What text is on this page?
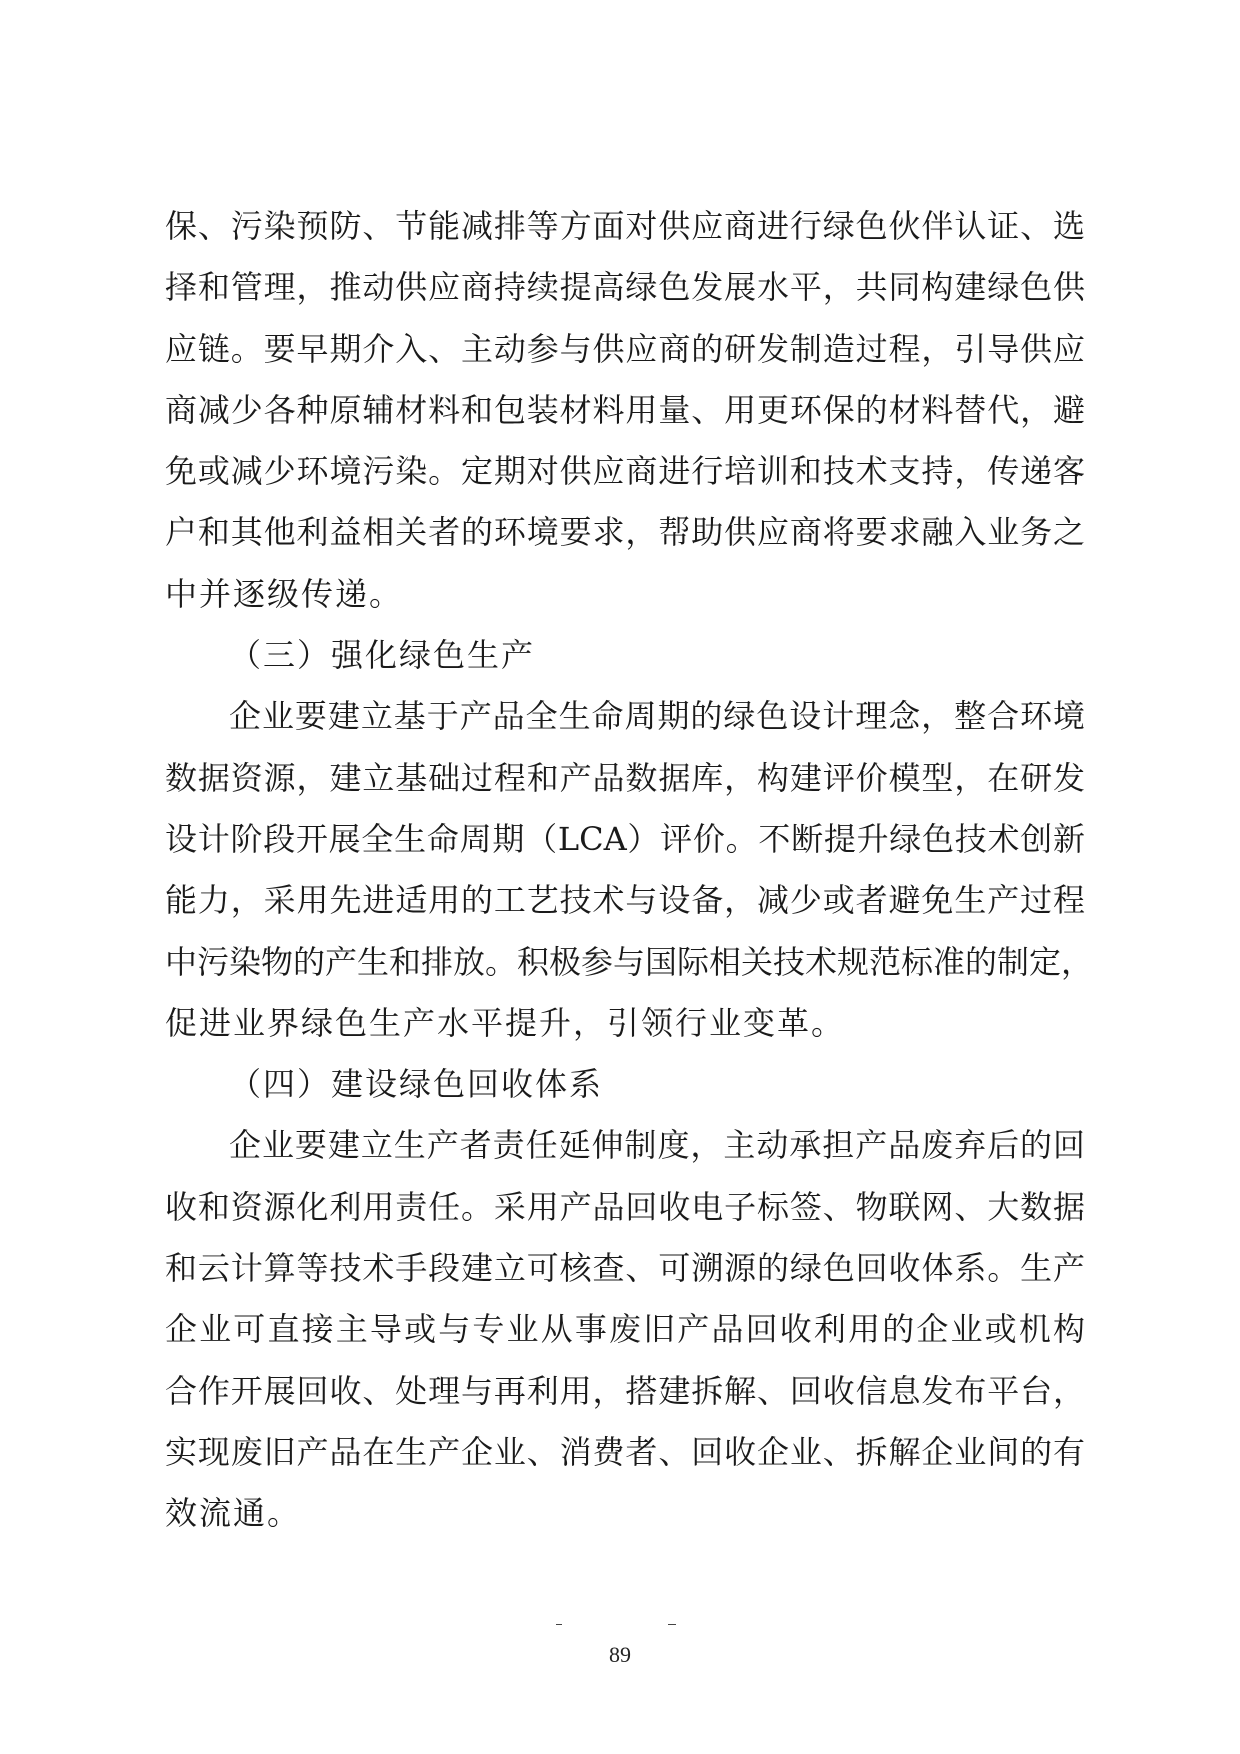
保、污染预防、节能减排等方面对供应商进行绿色伙伴认证、选
择和管理，推动供应商持续提高绿色发展水平，共同构建绿色供
应链。要早期介入、主动参与供应商的研发制造过程，引导供应
商减少各种原辅材料和包装材料用量、用更环保的材料替代，避
免或减少环境污染。定期对供应商进行培训和技术支持，传递客
户和其他利益相关者的环境要求，帮助供应商将要求融入业务之
中并逐级传递。
（三）强化绿色生产
企业要建立基于产品全生命周期的绿色设计理念，整合环境
数据资源，建立基础过程和产品数据库，构建评价模型，在研发
设计阶段开展全生命周期（LCA）评价。不断提升绿色技术创新
能力，采用先进适用的工艺技术与设备，减少或者避免生产过程
中污染物的产生和排放。积极参与国际相关技术规范标准的制定，
促进业界绿色生产水平提升，引领行业变革。
（四）建设绿色回收体系
企业要建立生产者责任延伸制度，主动承担产品废弃后的回
收和资源化利用责任。采用产品回收电子标签、物联网、大数据
和云计算等技术手段建立可核查、可溯源的绿色回收体系。生产
企业可直接主导或与专业从事废旧产品回收利用的企业或机构
合作开展回收、处理与再利用，搭建拆解、回收信息发布平台，
实现废旧产品在生产企业、消费者、回收企业、拆解企业间的有
效流通。
89
